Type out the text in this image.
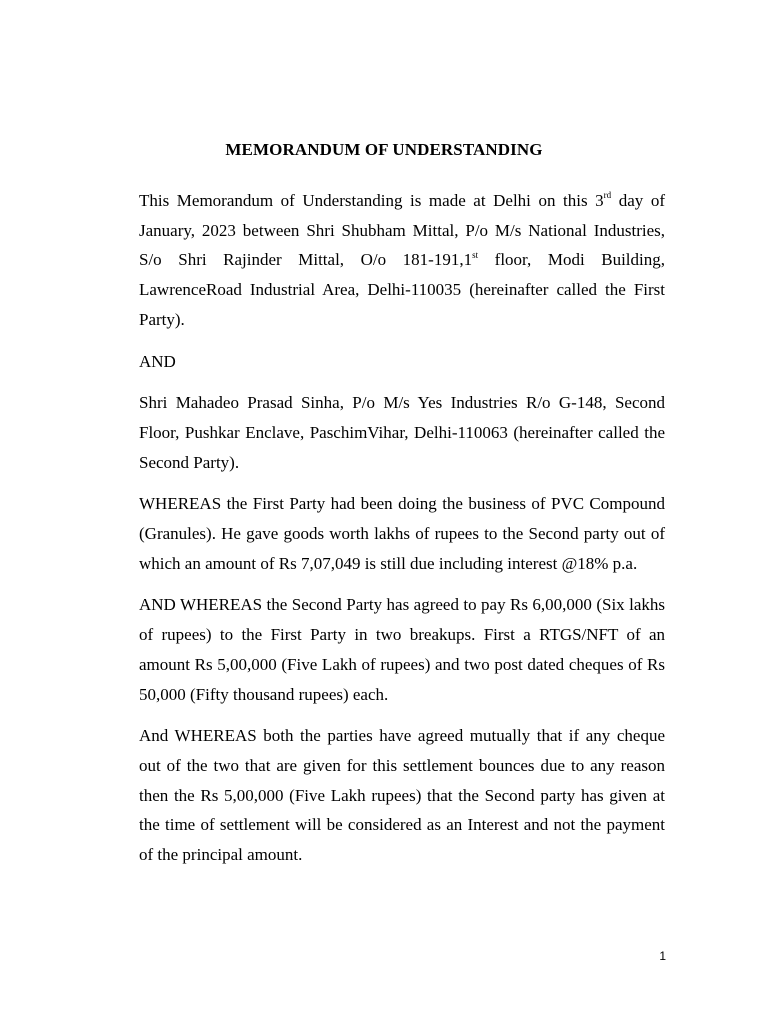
MEMORANDUM OF UNDERSTANDING

This Memorandum of Understanding is made at Delhi on this 3rd day of January, 2023 between Shri Shubham Mittal, P/o M/s National Industries, S/o Shri Rajinder Mittal, O/o 181-191,1st floor, Modi Building, LawrenceRoad Industrial Area, Delhi-110035 (hereinafter called the First Party).

AND

Shri Mahadeo Prasad Sinha, P/o M/s Yes Industries R/o G-148, Second Floor, Pushkar Enclave, PaschimVihar, Delhi-110063 (hereinafter called the Second Party).

WHEREAS the First Party had been doing the business of PVC Compound (Granules). He gave goods worth lakhs of rupees to the Second party out of which an amount of Rs 7,07,049 is still due including interest @18% p.a.

AND WHEREAS the Second Party has agreed to pay Rs 6,00,000 (Six lakhs of rupees) to the First Party in two breakups. First a RTGS/NFT of an amount Rs 5,00,000 (Five Lakh of rupees) and two post dated cheques of Rs 50,000 (Fifty thousand rupees) each.

And WHEREAS both the parties have agreed mutually that if any cheque out of the two that are given for this settlement bounces due to any reason then the Rs 5,00,000 (Five Lakh rupees) that the Second party has given at the time of settlement will be considered as an Interest and not the payment of the principal amount.

1
